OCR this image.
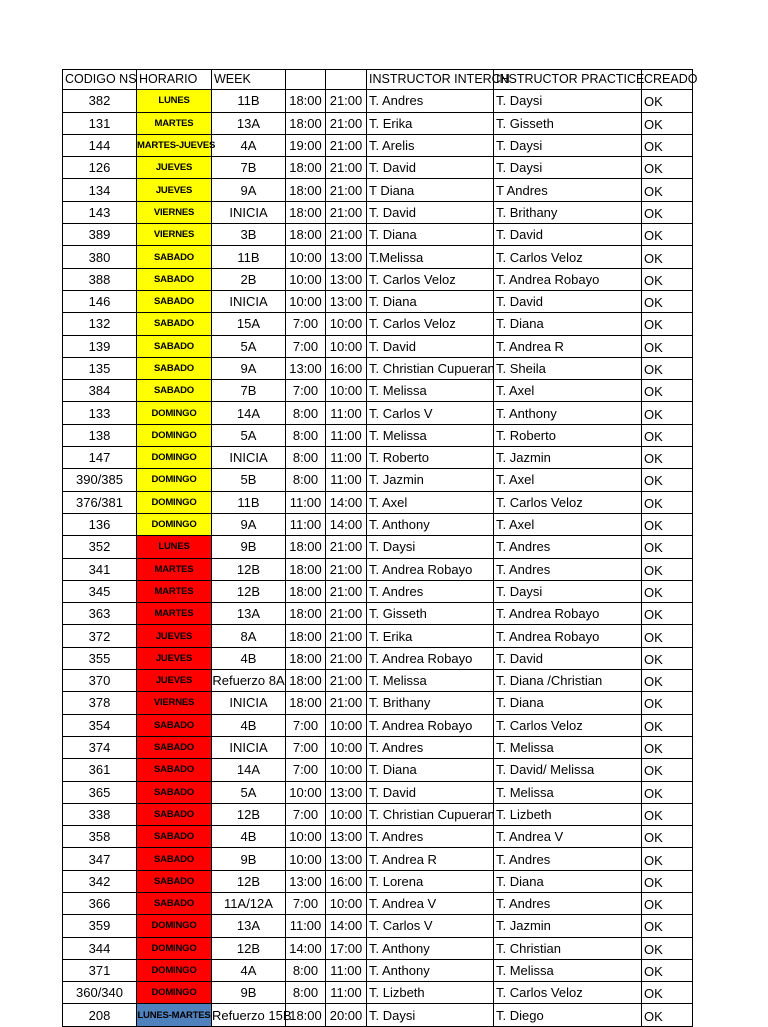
CODIGO NS	HORARIO	WEEK			INSTRUCTOR INTERCH	INSTRUCTOR PRACTICE	CREADO
382	LUNES	11B	18:00	21:00	T. Andres	T. Daysi	OK
131	MARTES	13A	18:00	21:00	T. Erika	T. Gisseth	OK
144	MARTES-JUEVES	4A	19:00	21:00	T. Arelis	T. Daysi	OK
126	JUEVES	7B	18:00	21:00	T. David	T. Daysi	OK
134	JUEVES	9A	18:00	21:00	T Diana	T Andres	OK
143	VIERNES	INICIA	18:00	21:00	T. David	T. Brithany	OK
389	VIERNES	3B	18:00	21:00	T. Diana	T. David	OK
380	SABADO	11B	10:00	13:00	T.Melissa	T. Carlos Veloz	OK
388	SABADO	2B	10:00	13:00	T. Carlos Veloz	T. Andrea Robayo	OK
146	SABADO	INICIA	10:00	13:00	T. Diana	T. David	OK
132	SABADO	15A	7:00	10:00	T. Carlos Veloz	T. Diana	OK
139	SABADO	5A	7:00	10:00	T. David	T. Andrea R	OK
135	SABADO	9A	13:00	16:00	T. Christian Cupueran	T. Sheila	OK
384	SABADO	7B	7:00	10:00	T. Melissa	T. Axel	OK
133	DOMINGO	14A	8:00	11:00	T. Carlos V	T. Anthony	OK
138	DOMINGO	5A	8:00	11:00	T. Melissa	T. Roberto	OK
147	DOMINGO	INICIA	8:00	11:00	T. Roberto	T. Jazmin	OK
390/385	DOMINGO	5B	8:00	11:00	T. Jazmin	T. Axel	OK
376/381	DOMINGO	11B	11:00	14:00	T. Axel	T. Carlos Veloz	OK
136	DOMINGO	9A	11:00	14:00	T. Anthony	T. Axel	OK
352	LUNES	9B	18:00	21:00	T. Daysi	T. Andres	OK
341	MARTES	12B	18:00	21:00	T. Andrea Robayo	T. Andres	OK
345	MARTES	12B	18:00	21:00	T. Andres	T. Daysi	OK
363	MARTES	13A	18:00	21:00	T. Gisseth	T. Andrea Robayo	OK
372	JUEVES	8A	18:00	21:00	T. Erika	T. Andrea Robayo	OK
355	JUEVES	4B	18:00	21:00	T. Andrea Robayo	T. David	OK
370	JUEVES	Refuerzo 8A	18:00	21:00	T. Melissa	T. Diana /Christian	OK
378	VIERNES	INICIA	18:00	21:00	T. Brithany	T. Diana	OK
354	SABADO	4B	7:00	10:00	T. Andrea Robayo	T. Carlos Veloz	OK
374	SABADO	INICIA	7:00	10:00	T. Andres	T. Melissa	OK
361	SABADO	14A	7:00	10:00	T. Diana	T. David/ Melissa	OK
365	SABADO	5A	10:00	13:00	T. David	T. Melissa	OK
338	SABADO	12B	7:00	10:00	T. Christian Cupueran	T. Lizbeth	OK
358	SABADO	4B	10:00	13:00	T. Andres	T. Andrea V	OK
347	SABADO	9B	10:00	13:00	T. Andrea R	T. Andres	OK
342	SABADO	12B	13:00	16:00	T. Lorena	T. Diana	OK
366	SABADO	11A/12A	7:00	10:00	T. Andrea V	T. Andres	OK
359	DOMINGO	13A	11:00	14:00	T. Carlos V	T. Jazmin	OK
344	DOMINGO	12B	14:00	17:00	T. Anthony	T. Christian	OK
371	DOMINGO	4A	8:00	11:00	T. Anthony	T. Melissa	OK
360/340	DOMINGO	9B	8:00	11:00	T. Lizbeth	T. Carlos Veloz	OK
208	LUNES-MARTES	Refuerzo 15B	18:00	20:00	T. Daysi	T. Diego	OK
